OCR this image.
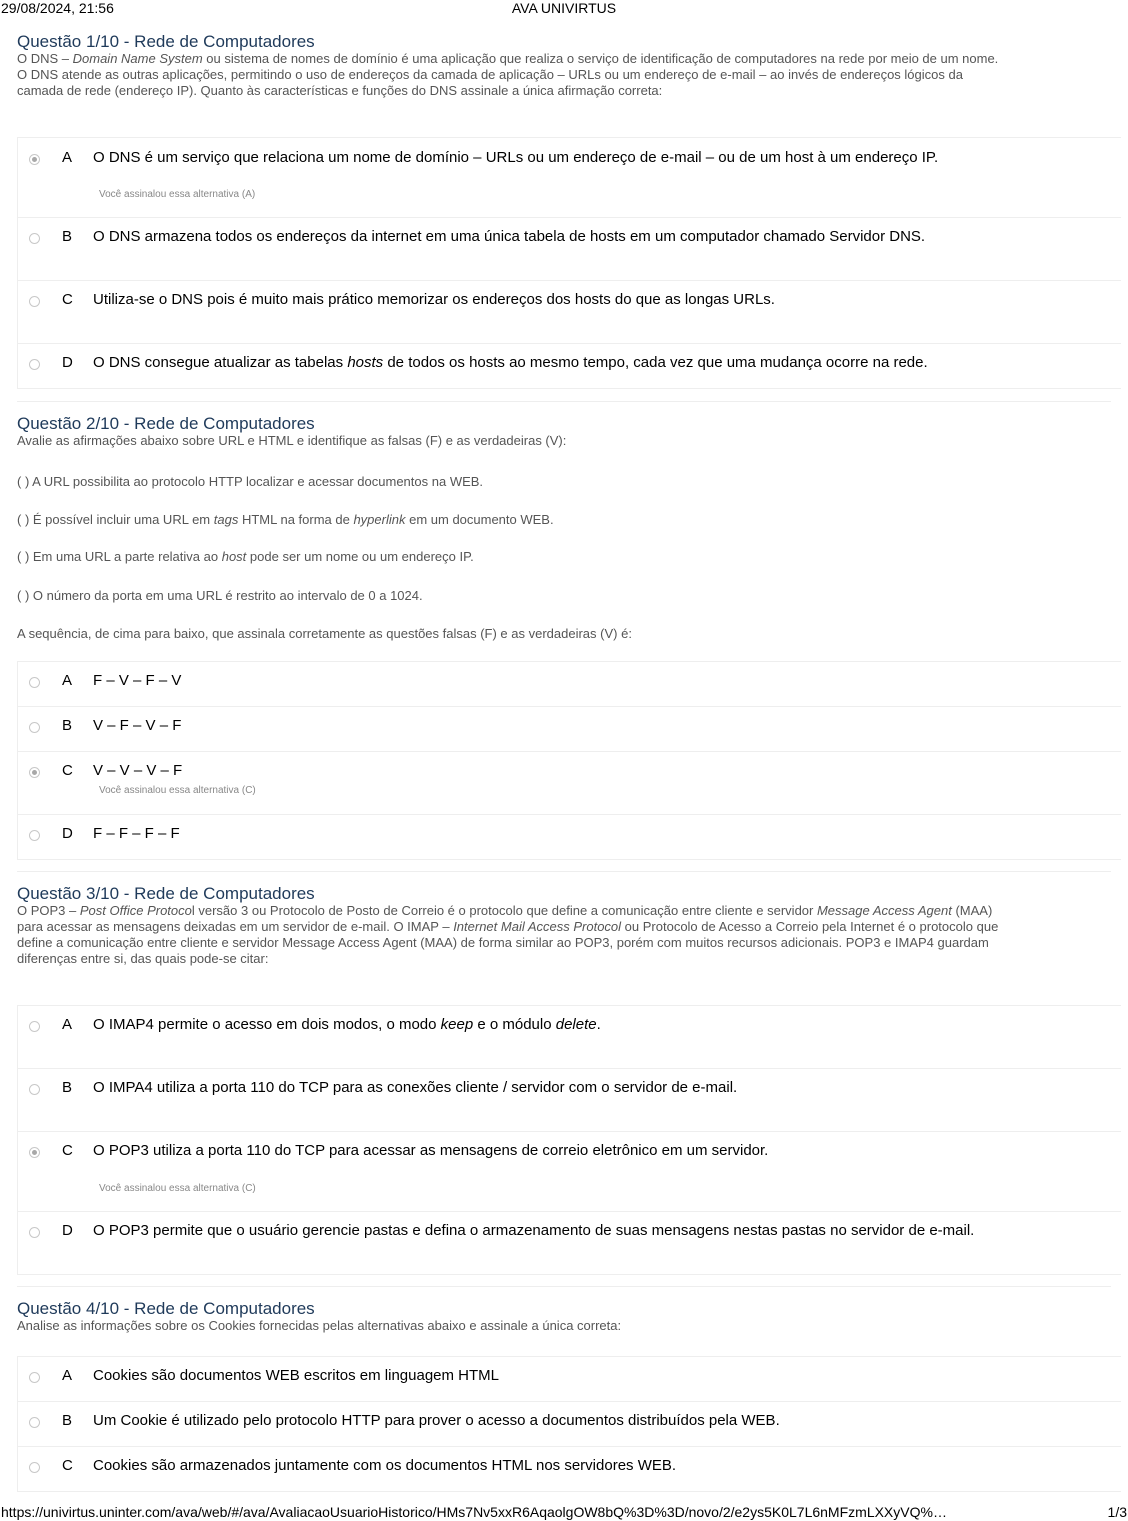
29/08/2024, 21:56	AVA UNIVIRTUS
Questão 1/10 - Rede de Computadores

O DNS – Domain Name System ou sistema de nomes de domínio é uma aplicação que realiza o serviço de identificação de computadores na rede por meio de um nome.
O DNS atende as outras aplicações, permitindo o uso de endereços da camada de aplicação – URLs ou um endereço de e-mail – ao invés de endereços lógicos da
camada de rede (endereço IP). Quanto às características e funções do DNS assinale a única afirmação correta:

A O DNS é um serviço que relaciona um nome de domínio – URLs ou um endereço de e-mail – ou de um host à um endereço IP.
Você assinalou essa alternativa (A)
B O DNS armazena todos os endereços da internet em uma única tabela de hosts em um computador chamado Servidor DNS.
C Utiliza-se o DNS pois é muito mais prático memorizar os endereços dos hosts do que as longas URLs.
D O DNS consegue atualizar as tabelas hosts de todos os hosts ao mesmo tempo, cada vez que uma mudança ocorre na rede.
Questão 2/10 - Rede de Computadores

Avalie as afirmações abaixo sobre URL e HTML e identifique as falsas (F) e as verdadeiras (V):

( ) A URL possibilita ao protocolo HTTP localizar e acessar documentos na WEB.
( ) É possível incluir uma URL em tags HTML na forma de hyperlink em um documento WEB.
( ) Em uma URL a parte relativa ao host pode ser um nome ou um endereço IP.
( ) O número da porta em uma URL é restrito ao intervalo de 0 a 1024.
A sequência, de cima para baixo, que assinala corretamente as questões falsas (F) e as verdadeiras (V) é:
A F – V – F – V
B V – F – V – F
C V – V – V – F
Você assinalou essa alternativa (C)
D F – F – F – F
Questão 3/10 - Rede de Computadores

O POP3 – Post Office Protocol versão 3 ou Protocolo de Posto de Correio é o protocolo que define a comunicação entre cliente e servidor Message Access Agent (MAA)
para acessar as mensagens deixadas em um servidor de e-mail. O IMAP – Internet Mail Access Protocol ou Protocolo de Acesso a Correio pela Internet é o protocolo que
define a comunicação entre cliente e servidor Message Access Agent (MAA) de forma similar ao POP3, porém com muitos recursos adicionais. POP3 e IMAP4 guardam
diferenças entre si, das quais pode-se citar:

A O IMAP4 permite o acesso em dois modos, o modo keep e o módulo delete.
B O IMPA4 utiliza a porta 110 do TCP para as conexões cliente / servidor com o servidor de e-mail.
C O POP3 utiliza a porta 110 do TCP para acessar as mensagens de correio eletrônico em um servidor.
Você assinalou essa alternativa (C)
D O POP3 permite que o usuário gerencie pastas e defina o armazenamento de suas mensagens nestas pastas no servidor de e-mail.
Questão 4/10 - Rede de Computadores

Analise as informações sobre os Cookies fornecidas pelas alternativas abaixo e assinale a única correta:

A Cookies são documentos WEB escritos em linguagem HTML
B Um Cookie é utilizado pelo protocolo HTTP para prover o acesso a documentos distribuídos pela WEB.
C Cookies são armazenados juntamente com os documentos HTML nos servidores WEB.
https://univirtus.uninter.com/ava/web/#/ava/AvaliacaoUsuarioHistorico/HMs7Nv5xxR6AqaolgOW8bQ%3D%3D/novo/2/e2ys5K0L7L6nMFzmLXXyVQ%…	1/3
